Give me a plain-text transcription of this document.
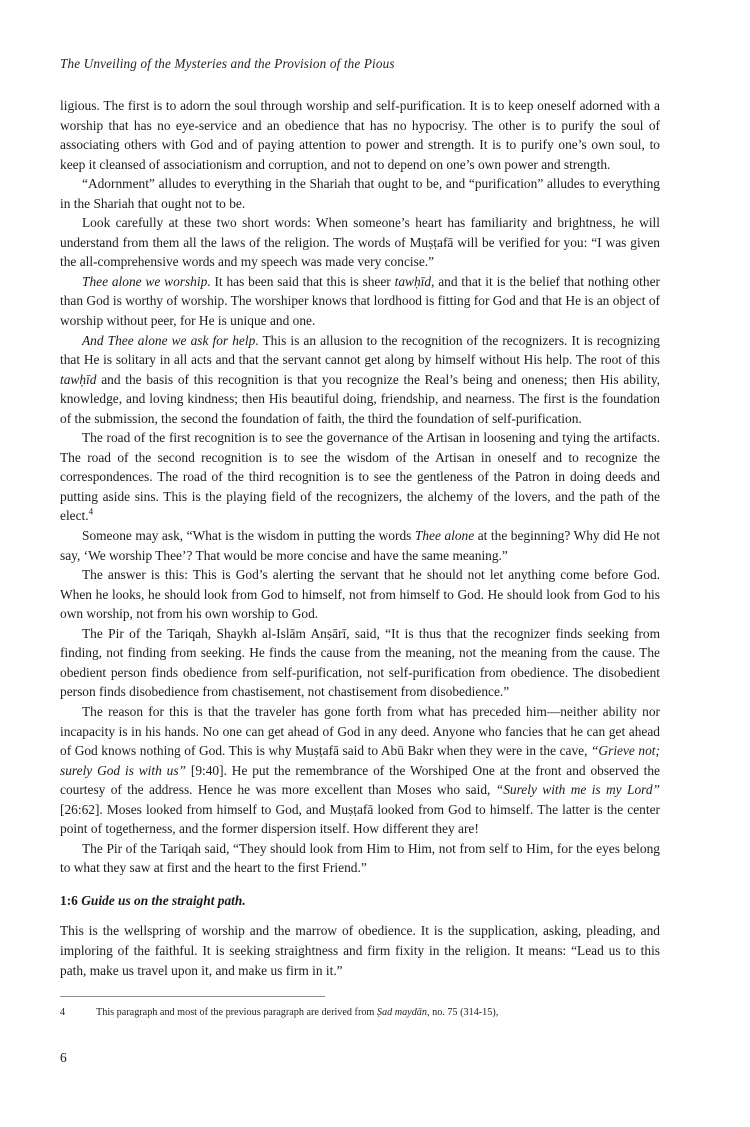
The Unveiling of the Mysteries and the Provision of the Pious

ligious. The first is to adorn the soul through worship and self-purification. It is to keep oneself adorned with a worship that has no eye-service and an obedience that has no hypocrisy. The other is to purify the soul of associating others with God and of paying attention to power and strength. It is to purify one’s own soul, to keep it cleansed of associationism and corruption, and not to depend on one’s own power and strength.

“Adornment” alludes to everything in the Shariah that ought to be, and “purification” alludes to everything in the Shariah that ought not to be.

Look carefully at these two short words: When someone’s heart has familiarity and brightness, he will understand from them all the laws of the religion. The words of Muṣṭafā will be verified for you: “I was given the all-comprehensive words and my speech was made very concise.”

Thee alone we worship. It has been said that this is sheer tawḥīd, and that it is the belief that nothing other than God is worthy of worship. The worshiper knows that lordhood is fitting for God and that He is an object of worship without peer, for He is unique and one.

And Thee alone we ask for help. This is an allusion to the recognition of the recognizers. It is recognizing that He is solitary in all acts and that the servant cannot get along by himself without His help. The root of this tawḥīd and the basis of this recognition is that you recognize the Real’s being and oneness; then His ability, knowledge, and loving kindness; then His beautiful doing, friendship, and nearness. The first is the foundation of the submission, the second the foundation of faith, the third the foundation of self-purification.

The road of the first recognition is to see the governance of the Artisan in loosening and tying the artifacts. The road of the second recognition is to see the wisdom of the Artisan in oneself and to recognize the correspondences. The road of the third recognition is to see the gentleness of the Patron in doing deeds and putting aside sins. This is the playing field of the recognizers, the alchemy of the lovers, and the path of the elect.$^4$

Someone may ask, “What is the wisdom in putting the words Thee alone at the beginning? Why did He not say, ‘We worship Thee’? That would be more concise and have the same meaning.”

The answer is this: This is God’s alerting the servant that he should not let anything come before God. When he looks, he should look from God to himself, not from himself to God. He should look from God to his own worship, not from his own worship to God.

The Pir of the Tariqah, Shaykh al-Islām Anṣārī, said, “It is thus that the recognizer finds seeking from finding, not finding from seeking. He finds the cause from the meaning, not the meaning from the cause. The obedient person finds obedience from self-purification, not self-purification from obedience. The disobedient person finds disobedience from chastisement, not chastisement from disobedience.”

The reason for this is that the traveler has gone forth from what has preceded him—neither ability nor incapacity is in his hands. No one can get ahead of God in any deed. Anyone who fancies that he can get ahead of God knows nothing of God. This is why Muṣṭafā said to Abū Bakr when they were in the cave, “Grieve not; surely God is with us” [9:40]. He put the remembrance of the Worshiped One at the front and observed the courtesy of the address. Hence he was more excellent than Moses who said, “Surely with me is my Lord” [26:62]. Moses looked from himself to God, and Muṣṭafā looked from God to himself. The latter is the center point of togetherness, and the former dispersion itself. How different they are!

The Pir of the Tariqah said, “They should look from Him to Him, not from self to Him, for the eyes belong to what they saw at first and the heart to the first Friend.”

1:6 Guide us on the straight path.

This is the wellspring of worship and the marrow of obedience. It is the supplication, asking, pleading, and imploring of the faithful. It is seeking straightness and firm fixity in the religion. It means: “Lead us to this path, make us travel upon it, and make us firm in it.”

4	This paragraph and most of the previous paragraph are derived from Ṣad maydān, no. 75 (314-15),
6
